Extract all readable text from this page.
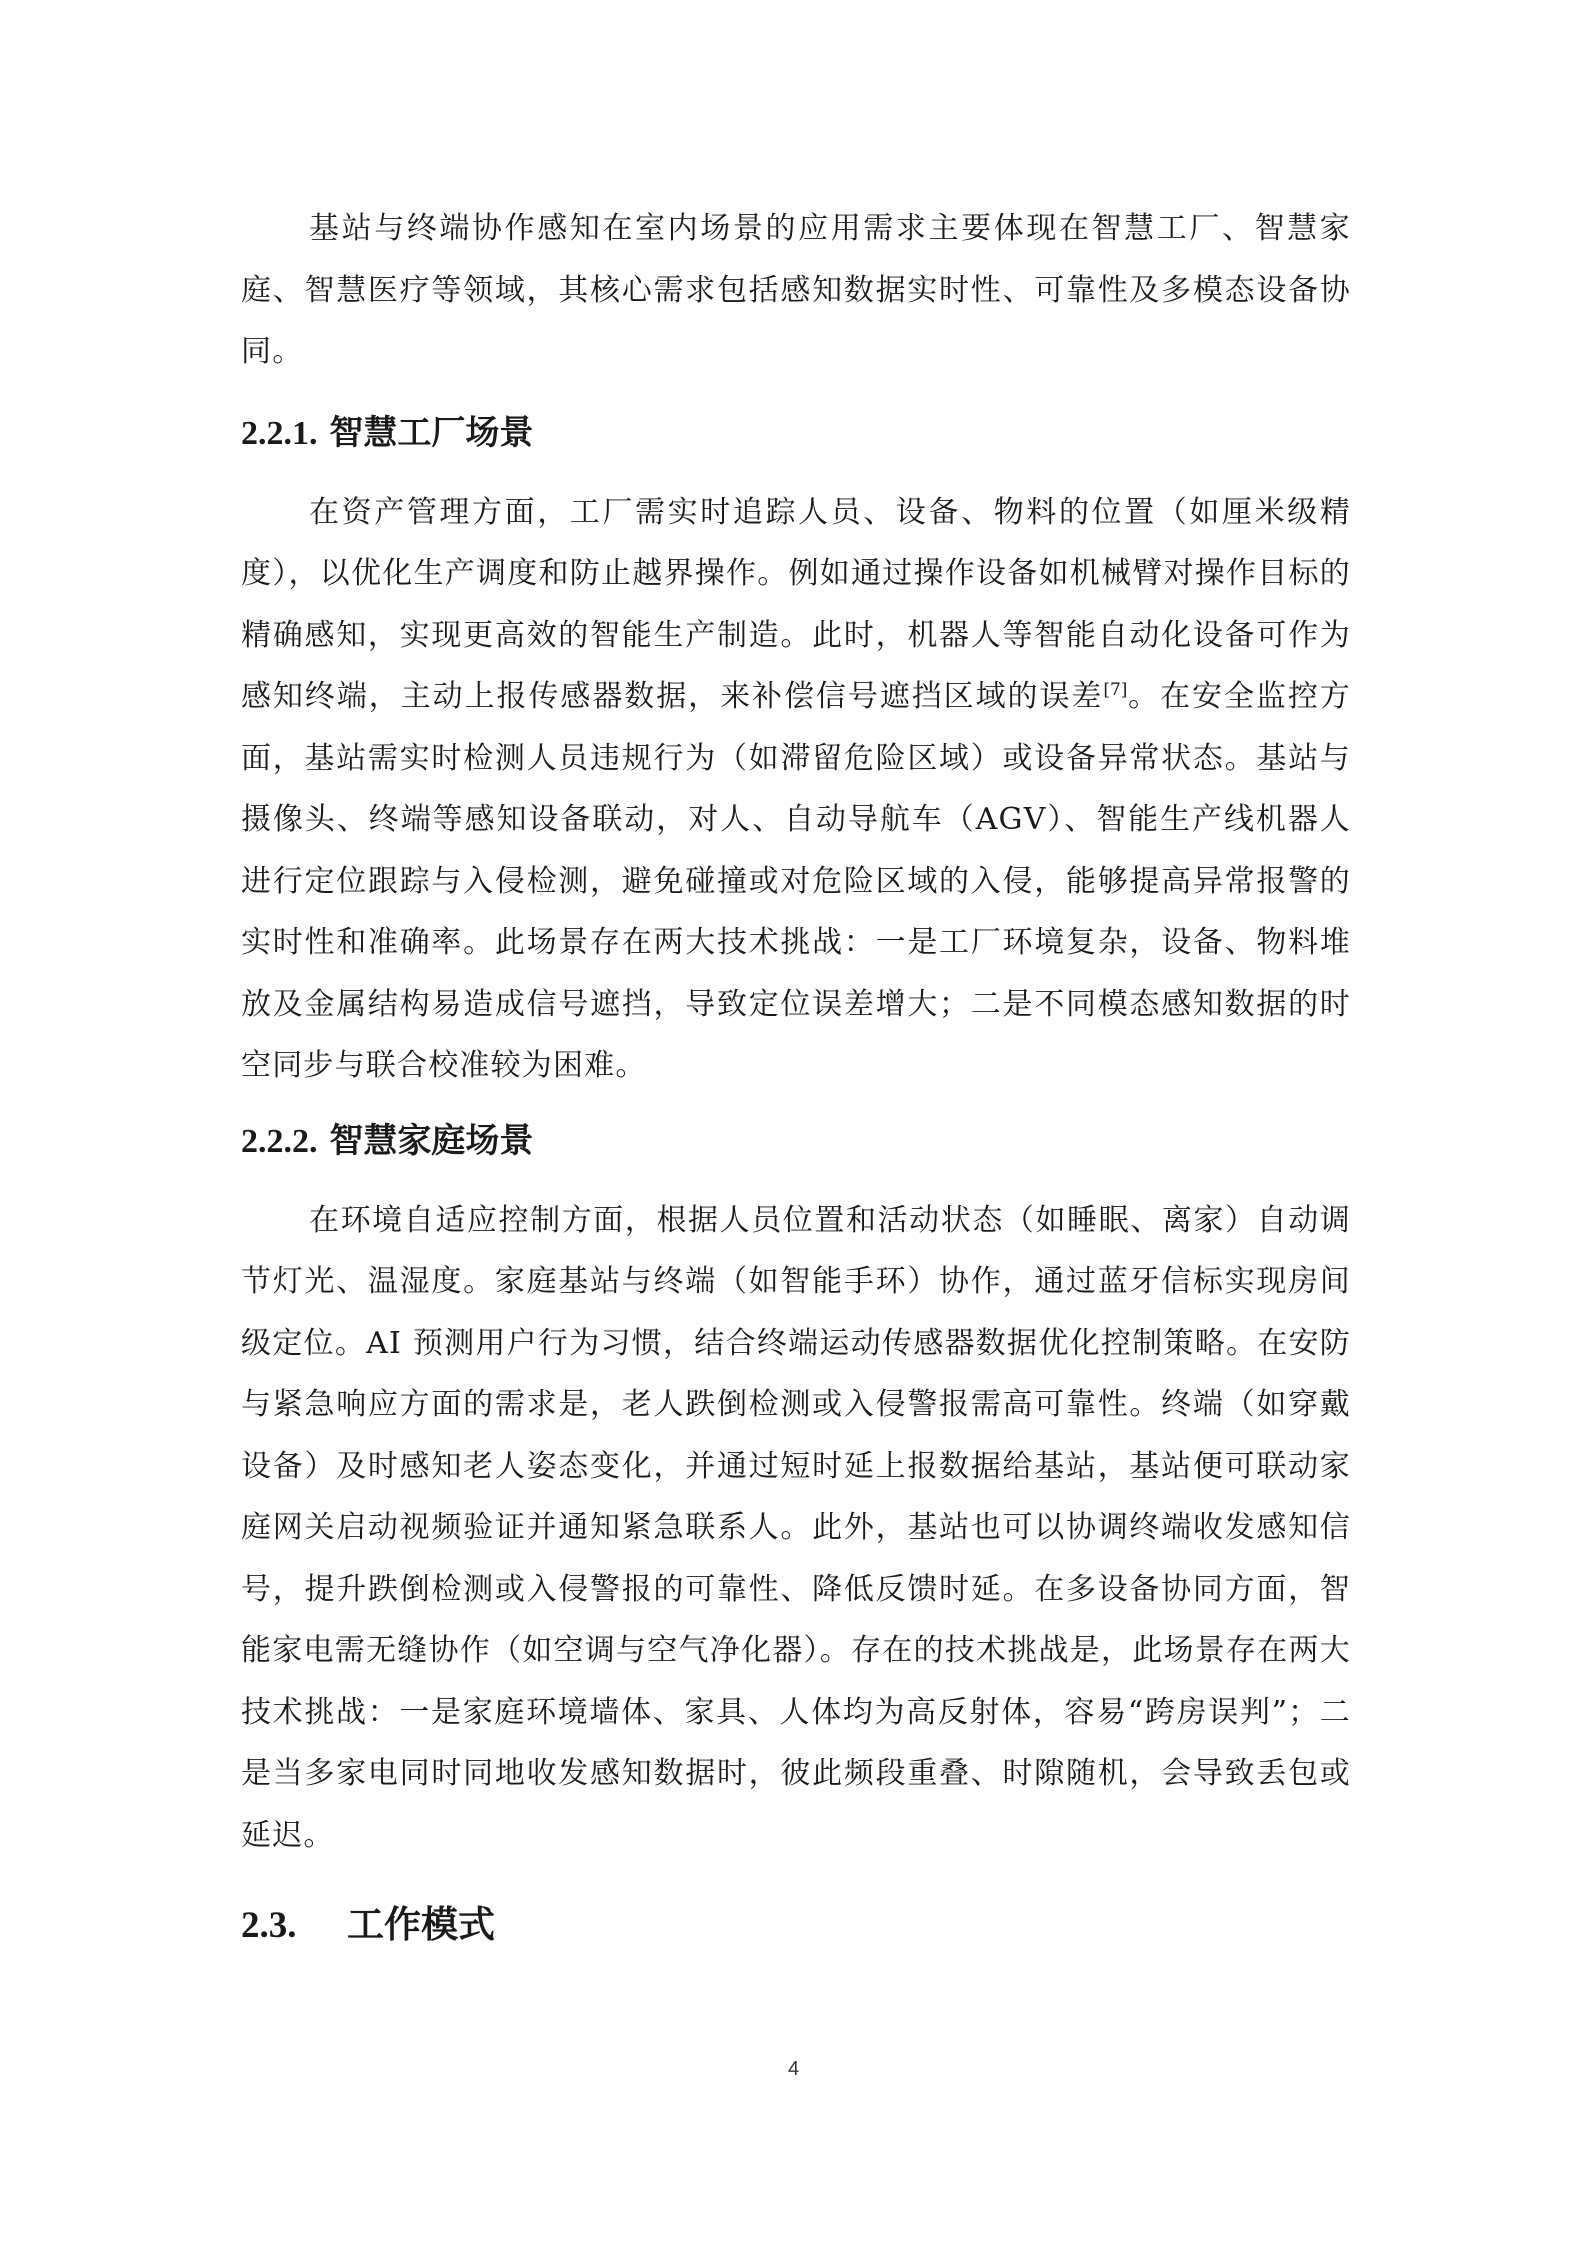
基站与终端协作感知在室内场景的应用需求主要体现在智慧工厂、智慧家庭、智慧医疗等领域，其核心需求包括感知数据实时性、可靠性及多模态设备协同。

2.2.1. 智慧工厂场景

在资产管理方面，工厂需实时追踪人员、设备、物料的位置（如厘米级精度），以优化生产调度和防止越界操作。例如通过操作设备如机械臂对操作目标的精确感知，实现更高效的智能生产制造。此时，机器人等智能自动化设备可作为感知终端，主动上报传感器数据，来补偿信号遮挡区域的误差[7]。在安全监控方面，基站需实时检测人员违规行为（如滞留危险区域）或设备异常状态。基站与摄像头、终端等感知设备联动，对人、自动导航车（AGV）、智能生产线机器人进行定位跟踪与入侵检测，避免碰撞或对危险区域的入侵，能够提高异常报警的实时性和准确率。此场景存在两大技术挑战：一是工厂环境复杂，设备、物料堆放及金属结构易造成信号遮挡，导致定位误差增大；二是不同模态感知数据的时空同步与联合校准较为困难。

2.2.2. 智慧家庭场景

在环境自适应控制方面，根据人员位置和活动状态（如睡眠、离家）自动调节灯光、温湿度。家庭基站与终端（如智能手环）协作，通过蓝牙信标实现房间级定位。AI 预测用户行为习惯，结合终端运动传感器数据优化控制策略。在安防与紧急响应方面的需求是，老人跌倒检测或入侵警报需高可靠性。终端（如穿戴设备）及时感知老人姿态变化，并通过短时延上报数据给基站，基站便可联动家庭网关启动视频验证并通知紧急联系人。此外，基站也可以协调终端收发感知信号，提升跌倒检测或入侵警报的可靠性、降低反馈时延。在多设备协同方面，智能家电需无缝协作（如空调与空气净化器）。存在的技术挑战是，此场景存在两大技术挑战：一是家庭环境墙体、家具、人体均为高反射体，容易“跨房误判”；二是当多家电同时同地收发感知数据时，彼此频段重叠、时隙随机，会导致丢包或延迟。

2.3. 工作模式
4
